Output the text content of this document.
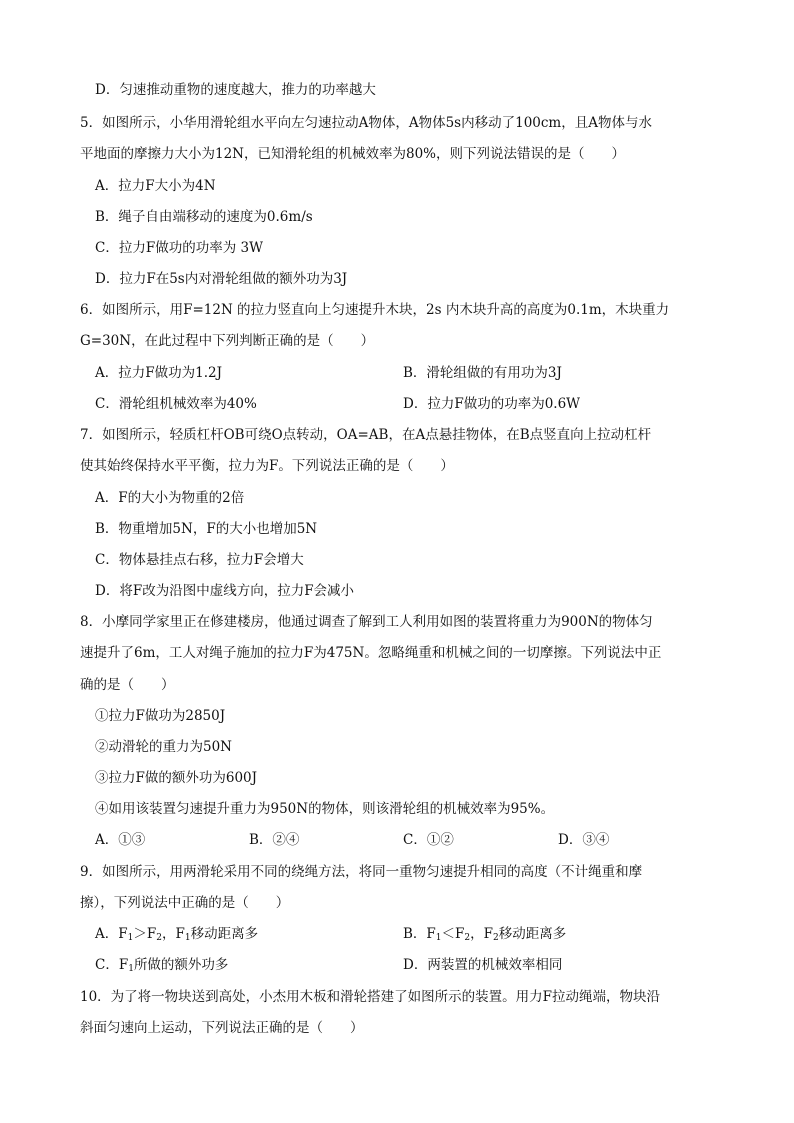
D．匀速推动重物的速度越大，推力的功率越大
5．如图所示，小华用滑轮组水平向左匀速拉动A物体，A物体5s内移动了100cm，且A物体与水
平地面的摩擦力大小为12N，已知滑轮组的机械效率为80%，则下列说法错误的是（　　）
A．拉力F大小为4N
B．绳子自由端移动的速度为0.6m/s
C．拉力F做功的功率为 3W
D．拉力F在5s内对滑轮组做的额外功为3J
6．如图所示，用F=12N 的拉力竖直向上匀速提升木块，2s 内木块升高的高度为0.1m，木块重力
G=30N，在此过程中下列判断正确的是（　　）
A．拉力F做功为1.2J	B．滑轮组做的有用功为3J
C．滑轮组机械效率为40%	D．拉力F做功的功率为0.6W
7．如图所示，轻质杠杆OB可绕O点转动，OA=AB，在A点悬挂物体，在B点竖直向上拉动杠杆
使其始终保持水平平衡，拉力为F。下列说法正确的是（　　）
A．F的大小为物重的2倍
B．物重增加5N，F的大小也增加5N
C．物体悬挂点右移，拉力F会增大
D．将F改为沿图中虚线方向，拉力F会减小
8．小摩同学家里正在修建楼房，他通过调查了解到工人利用如图的装置将重力为900N的物体匀
速提升了6m，工人对绳子施加的拉力F为475N。忽略绳重和机械之间的一切摩擦。下列说法中正
确的是（　　）
①拉力F做功为2850J
②动滑轮的重力为50N
③拉力F做的额外功为600J
④如用该装置匀速提升重力为950N的物体，则该滑轮组的机械效率为95%。
A．①③	B．②④	C．①②	D．③④
9．如图所示，用两滑轮采用不同的绕绳方法，将同一重物匀速提升相同的高度（不计绳重和摩
擦），下列说法中正确的是（　　）
A．$F_1>F_2$，$F_1$移动距离多	B．$F_1<F_2$，$F_2$移动距离多
C．$F_1$所做的额外功多	D．两装置的机械效率相同
10．为了将一物块送到高处，小杰用木板和滑轮搭建了如图所示的装置。用力F拉动绳端，物块沿
斜面匀速向上运动，下列说法正确的是（　　）
